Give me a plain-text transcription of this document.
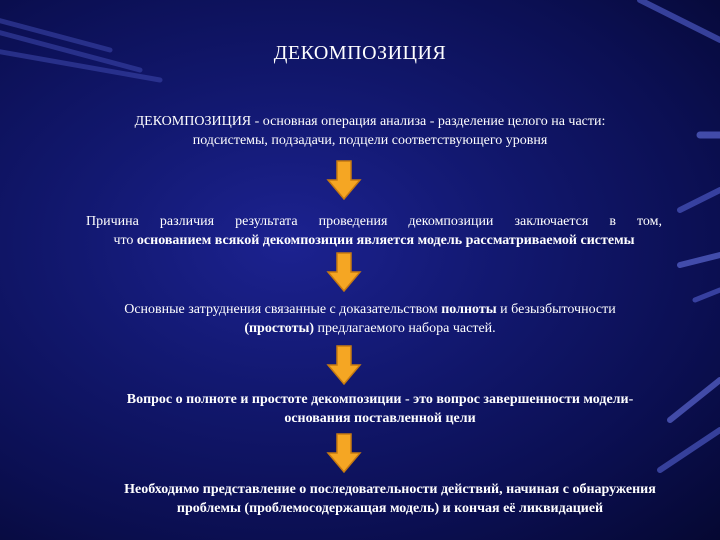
ДЕКОМПОЗИЦИЯ
ДЕКОМПОЗИЦИЯ - основная операция анализа - разделение целого на части:
подсистемы, подзадачи, подцели соответствующего уровня
Причина различия результата проведения декомпозиции заключается в том,
что основанием всякой декомпозиции является модель рассматриваемой системы
Основные затруднения связанные с доказательством полноты и безызбыточности
(простоты) предлагаемого набора частей.
Вопрос о полноте и простоте декомпозиции - это вопрос завершенности модели-
основания поставленной цели
Необходимо представление о последовательности действий, начиная с обнаружения
проблемы (проблемосодержащая модель) и кончая её ликвидацией
